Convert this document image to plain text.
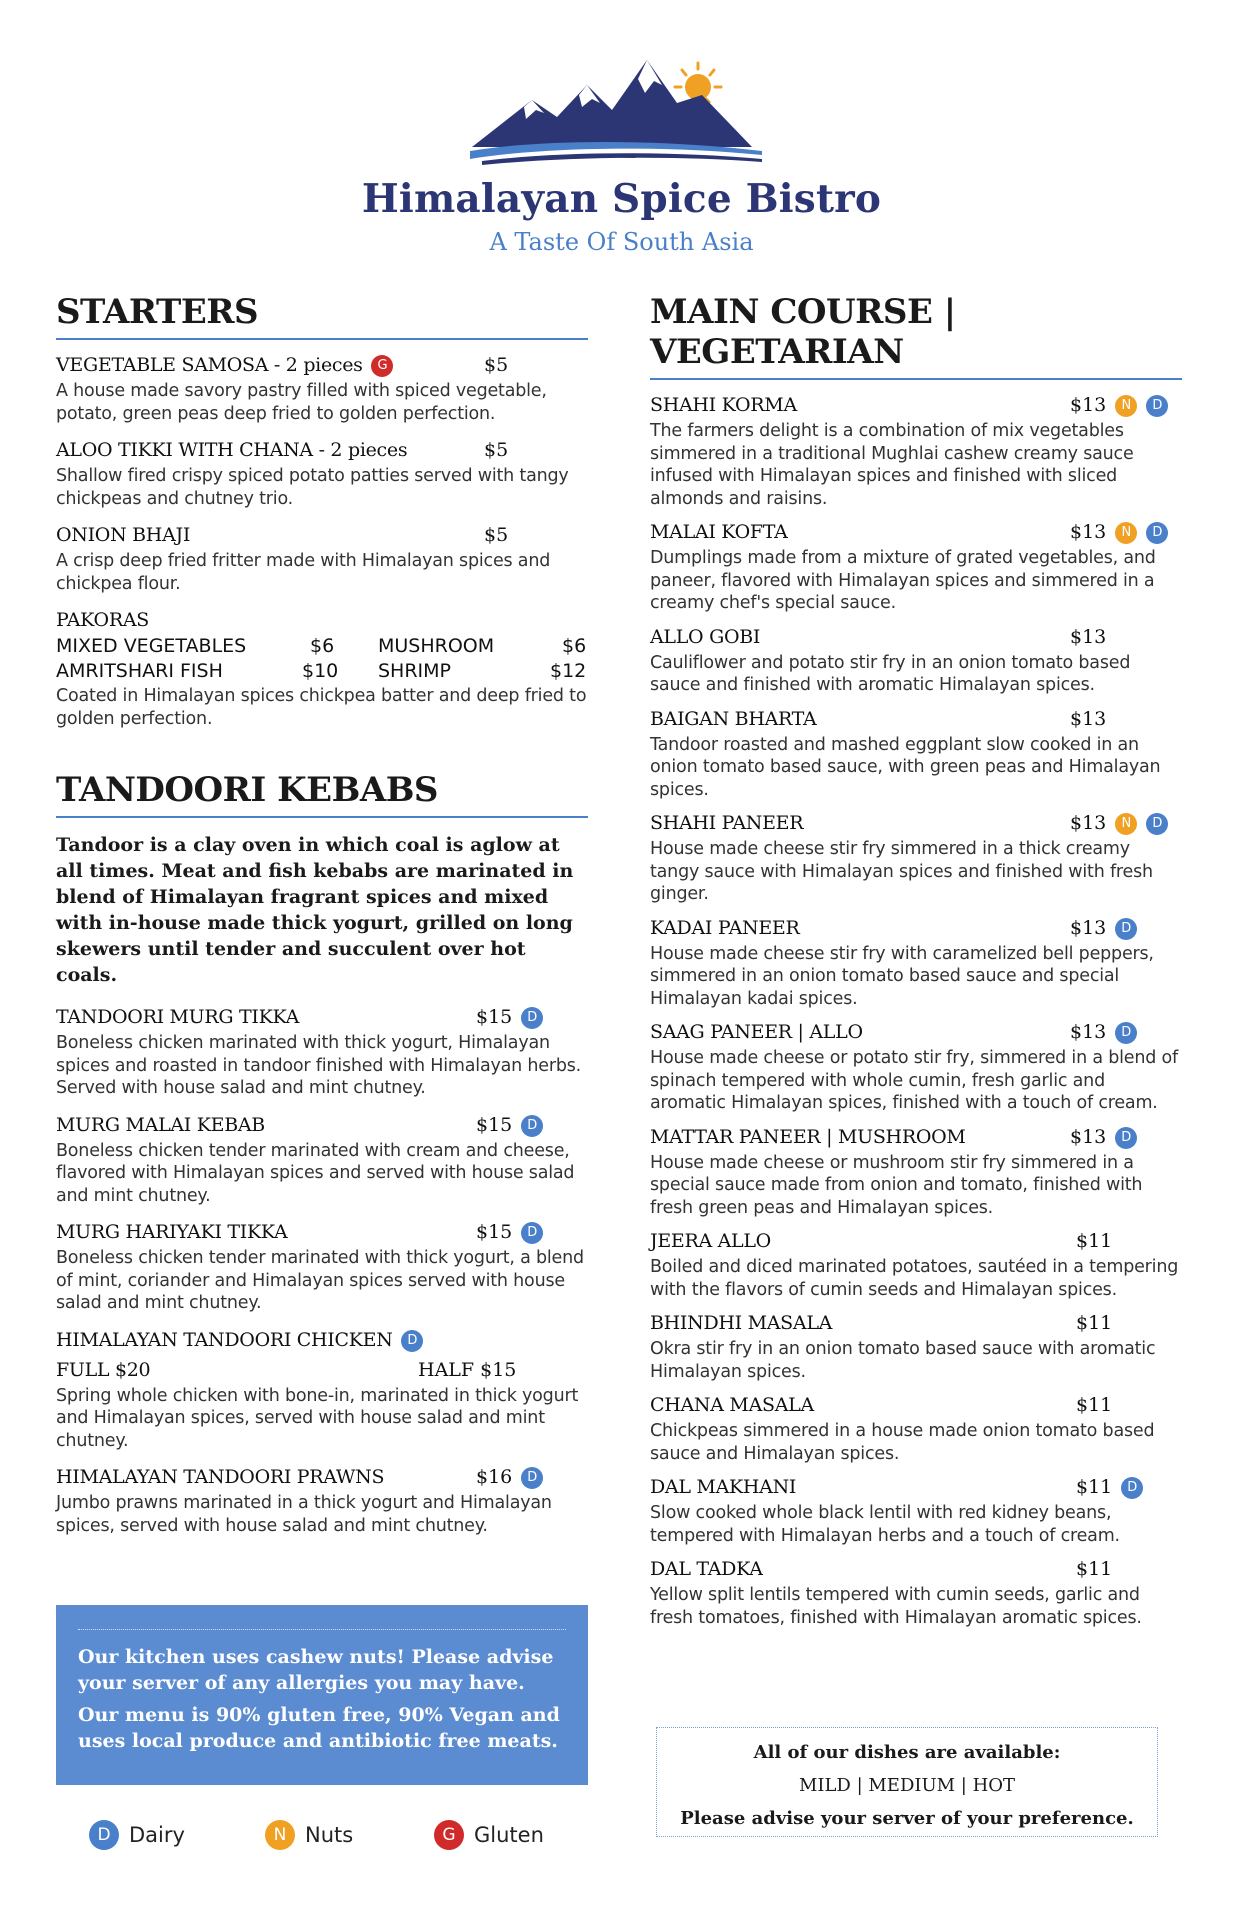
Himalayan Spice Bistro
A Taste Of South Asia
STARTERS
VEGETABLE SAMOSA - 2 pieces G	$5
A house made savory pastry filled with spiced vegetable, potato, green peas deep fried to golden perfection.
ALOO TIKKI WITH CHANA - 2 pieces	$5
Shallow fired crispy spiced potato patties served with tangy chickpeas and chutney trio.
ONION BHAJI	$5
A crisp deep fried fritter made with Himalayan spices and chickpea flour.
PAKORAS
MIXED VEGETABLES	$6 MUSHROOM	$6
AMRITSHARI FISH	$10 SHRIMP	$12
Coated in Himalayan spices chickpea batter and deep fried to golden perfection.
TANDOORI KEBABS
Tandoor is a clay oven in which coal is aglow at all times. Meat and fish kebabs are marinated in blend of Himalayan fragrant spices and mixed with in-house made thick yogurt, grilled on long skewers until tender and succulent over hot coals.
TANDOORI MURG TIKKA	$15 D
Boneless chicken marinated with thick yogurt, Himalayan spices and roasted in tandoor finished with Himalayan herbs. Served with house salad and mint chutney.
MURG MALAI KEBAB	$15 D
Boneless chicken tender marinated with cream and cheese, flavored with Himalayan spices and served with house salad and mint chutney.
MURG HARIYAKI TIKKA	$15 D
Boneless chicken tender marinated with thick yogurt, a blend of mint, coriander and Himalayan spices served with house salad and mint chutney.
HIMALAYAN TANDOORI CHICKEN D
FULL $20	HALF $15
Spring whole chicken with bone-in, marinated in thick yogurt and Himalayan spices, served with house salad and mint chutney.
HIMALAYAN TANDOORI PRAWNS	$16 D
Jumbo prawns marinated in a thick yogurt and Himalayan spices, served with house salad and mint chutney.

Our kitchen uses cashew nuts! Please advise your server of any allergies you may have.

Our menu is 90% gluten free, 90% Vegan and uses local produce and antibiotic free meats.

D Dairy	N Nuts	G Gluten
MAIN COURSE | VEGETARIAN
SHAHI KORMA	$13 N D
The farmers delight is a combination of mix vegetables simmered in a traditional Mughlai cashew creamy sauce infused with Himalayan spices and finished with sliced almonds and raisins.
MALAI KOFTA	$13 N D
Dumplings made from a mixture of grated vegetables, and paneer, flavored with Himalayan spices and simmered in a creamy chef's special sauce.
ALLO GOBI	$13
Cauliflower and potato stir fry in an onion tomato based sauce and finished with aromatic Himalayan spices.
BAIGAN BHARTA	$13
Tandoor roasted and mashed eggplant slow cooked in an onion tomato based sauce, with green peas and Himalayan spices.
SHAHI PANEER	$13 N D
House made cheese stir fry simmered in a thick creamy tangy sauce with Himalayan spices and finished with fresh ginger.
KADAI PANEER	$13 D
House made cheese stir fry with caramelized bell peppers, simmered in an onion tomato based sauce and special Himalayan kadai spices.
SAAG PANEER | ALLO	$13 D
House made cheese or potato stir fry, simmered in a blend of spinach tempered with whole cumin, fresh garlic and aromatic Himalayan spices, finished with a touch of cream.
MATTAR PANEER | MUSHROOM	$13 D
House made cheese or mushroom stir fry simmered in a special sauce made from onion and tomato, finished with fresh green peas and Himalayan spices.
JEERA ALLO	$11
Boiled and diced marinated potatoes, sautéed in a tempering with the flavors of cumin seeds and Himalayan spices.
BHINDHI MASALA	$11
Okra stir fry in an onion tomato based sauce with aromatic Himalayan spices.
CHANA MASALA	$11
Chickpeas simmered in a house made onion tomato based sauce and Himalayan spices.
DAL MAKHANI	$11 D
Slow cooked whole black lentil with red kidney beans, tempered with Himalayan herbs and a touch of cream.
DAL TADKA	$11
Yellow split lentils tempered with cumin seeds, garlic and fresh tomatoes, finished with Himalayan aromatic spices.
All of our dishes are available:
MILD | MEDIUM | HOT
Please advise your server of your preference.
